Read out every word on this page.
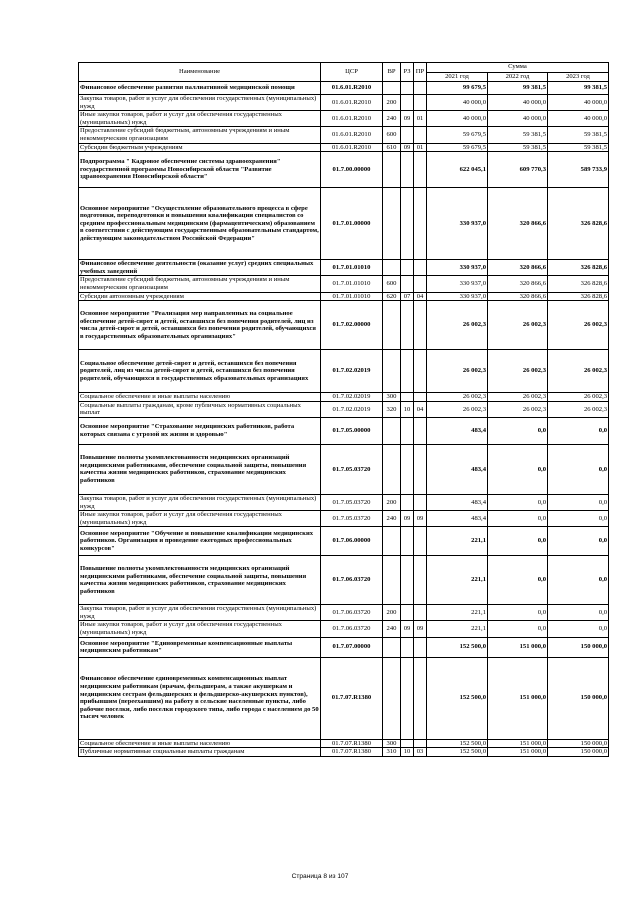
Наименование	ЦСР	ВР	РЗ	ПР	Сумма		
					2021 год	2022 год	2023 год
Финансовое обеспечение развития паллиативной медицинской помощи	01.6.01.R2010				99 679,5	99 381,5	99 381,5
Закупка товаров, работ и услуг для обеспечения государственных (муниципальных) нужд	01.6.01.R2010	200			40 000,0	40 000,0	40 000,0
Иные закупки товаров, работ и услуг для обеспечения государственных (муниципальных) нужд	01.6.01.R2010	240	09	01	40 000,0	40 000,0	40 000,0
Предоставление субсидий бюджетным, автономным учреждениям и иным некоммерческим организациям	01.6.01.R2010	600			59 679,5	59 381,5	59 381,5
Субсидии бюджетным учреждениям	01.6.01.R2010	610	09	01	59 679,5	59 381,5	59 381,5
Подпрограмма " Кадровое обеспечение системы здравоохранения" государственной программы Новосибирской области "Развитие здравоохранения Новосибирской области"	01.7.00.00000				622 045,1	609 770,3	589 733,9
Основное мероприятие "Осуществление образовательного процесса в сфере подготовки, переподготовки и повышения квалификации специалистов со средним профессиональным медицинским (фармацевтическим) образованием в соответствии с действующим государственным образовательным стандартом, действующим законодательством Российской Федерации"	01.7.01.00000				330 937,0	320 866,6	326 828,6
Финансовое обеспечение деятельности (оказание услуг) средних специальных учебных заведений	01.7.01.01010				330 937,0	320 866,6	326 828,6
Предоставление субсидий бюджетным, автономным учреждениям и иным некоммерческим организациям	01.7.01.01010	600			330 937,0	320 866,6	326 828,6
Субсидии автономным учреждениям	01.7.01.01010	620	07	04	330 937,0	320 866,6	326 828,6
Основное мероприятие "Реализация мер направленных на социальное обеспечение детей-сирот и детей, оставшихся без попечения родителей, лиц из числа детей-сирот и детей, оставшихся без попечения родителей, обучающихся в государственных образовательных организациях"	01.7.02.00000				26 002,3	26 002,3	26 002,3
Социальное обеспечение детей-сирот и детей, оставшихся без попечения родителей, лиц из числа детей-сирот и детей, оставшихся без попечения родителей, обучающихся в государственных образовательных организациях	01.7.02.02019				26 002,3	26 002,3	26 002,3
Социальное обеспечение и иные выплаты населению	01.7.02.02019	300			26 002,3	26 002,3	26 002,3
Социальные выплаты гражданам, кроме публичных нормативных социальных выплат	01.7.02.02019	320	10	04	26 002,3	26 002,3	26 002,3
Основное мероприятие "Страхование медицинских работников, работа которых связана с угрозой их жизни и здоровью"	01.7.05.00000				483,4	0,0	0,0
Повышение полноты укомплектованности медицинских организаций медицинскими работниками, обеспечение социальной защиты, повышения качества жизни медицинских работников, страхование медицинских работников	01.7.05.03720				483,4	0,0	0,0
Закупка товаров, работ и услуг для обеспечения государственных (муниципальных) нужд	01.7.05.03720	200			483,4	0,0	0,0
Иные закупки товаров, работ и услуг для обеспечения государственных (муниципальных) нужд	01.7.05.03720	240	09	09	483,4	0,0	0,0
Основное мероприятие "Обучение и повышение квалификации медицинских работников. Организация и проведение ежегодных профессиональных конкурсов"	01.7.06.00000				221,1	0,0	0,0
Повышение полноты укомплектованности медицинских организаций медицинскими работниками, обеспечение социальной защиты, повышения качества жизни медицинских работников, страхование медицинских работников	01.7.06.03720				221,1	0,0	0,0
Закупка товаров, работ и услуг для обеспечения государственных (муниципальных) нужд	01.7.06.03720	200			221,1	0,0	0,0
Иные закупки товаров, работ и услуг для обеспечения государственных (муниципальных) нужд	01.7.06.03720	240	09	09	221,1	0,0	0,0
Основное мероприятие "Единовременные компенсационные выплаты медицинским работникам"	01.7.07.00000				152 500,0	151 000,0	150 000,0
Финансовое обеспечение единовременных компенсационных выплат медицинским работникам (врачам, фельдшерам, а также акушеркам и медицинским сестрам фельдшерских и фельдшерско-акушерских пунктов), прибывшим (переехавшим) на работу в сельские населенные пункты, либо рабочие поселки, либо поселки городского типа, либо города с населением до 50 тысяч человек	01.7.07.R1380				152 500,0	151 000,0	150 000,0
Социальное обеспечение и иные выплаты населению	01.7.07.R1380	300			152 500,0	151 000,0	150 000,0
Публичные нормативные социальные выплаты гражданам	01.7.07.R1380	310	10	03	152 500,0	151 000,0	150 000,0
Страница 8 из 107
